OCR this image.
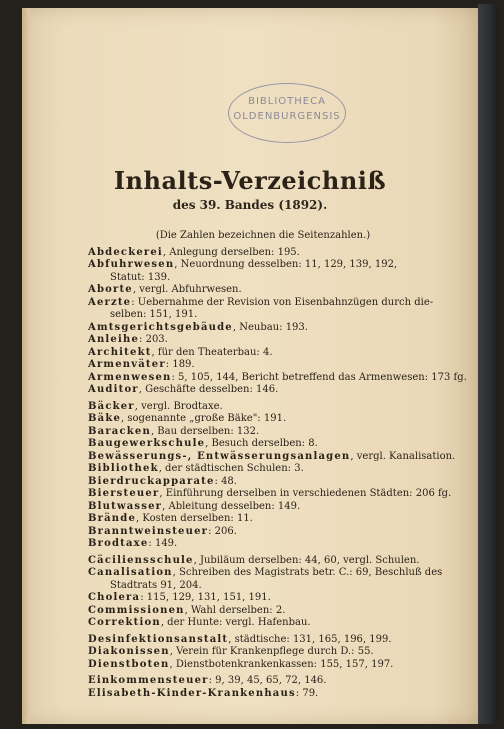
BIBLIOTHECA
OLDENBURGENSIS
Inhalts-Verzeichniß
des 39. Bandes (1892).
(Die Zahlen bezeichnen die Seitenzahlen.)
Abdeckerei, Anlegung derselben: 195.
Abfuhrwesen, Neuordnung desselben: 11, 129, 139, 192,
Statut: 139.
Aborte, vergl. Abfuhrwesen.
Aerzte: Uebernahme der Revision von Eisenbahnzügen durch die-
selben: 151, 191.
Amtsgerichtsgebäude, Neubau: 193.
Anleihe: 203.
Architekt, für den Theaterbau: 4.
Armenväter: 189.
Armenwesen: 5, 105, 144, Bericht betreffend das Armenwesen: 173 fg.
Auditor, Geschäfte desselben: 146.
Bäcker, vergl. Brodtaxe.
Bäke, sogenannte „große Bäke": 191.
Baracken, Bau derselben: 132.
Baugewerkschule, Besuch derselben: 8.
Bewässerungs-, Entwässerungsanlagen, vergl. Kanalisation.
Bibliothek, der städtischen Schulen: 3.
Bierdruckapparate: 48.
Biersteuer, Einführung derselben in verschiedenen Städten: 206 fg.
Blutwasser, Ableitung desselben: 149.
Brände, Kosten derselben: 11.
Branntweinsteuer: 206.
Brodtaxe: 149.
Cäciliensschule, Jubiläum derselben: 44, 60, vergl. Schulen.
Canalisation, Schreiben des Magistrats betr. C.: 69, Beschluß des
Stadtrats 91, 204.
Cholera: 115, 129, 131, 151, 191.
Commissionen, Wahl derselben: 2.
Correktion, der Hunte: vergl. Hafenbau.
Desinfektionsanstalt, städtische: 131, 165, 196, 199.
Diakonissen, Verein für Krankenpflege durch D.: 55.
Dienstboten, Dienstbotenkrankenkassen: 155, 157, 197.
Einkommensteuer: 9, 39, 45, 65, 72, 146.
Elisabeth-Kinder-Krankenhaus: 79.
